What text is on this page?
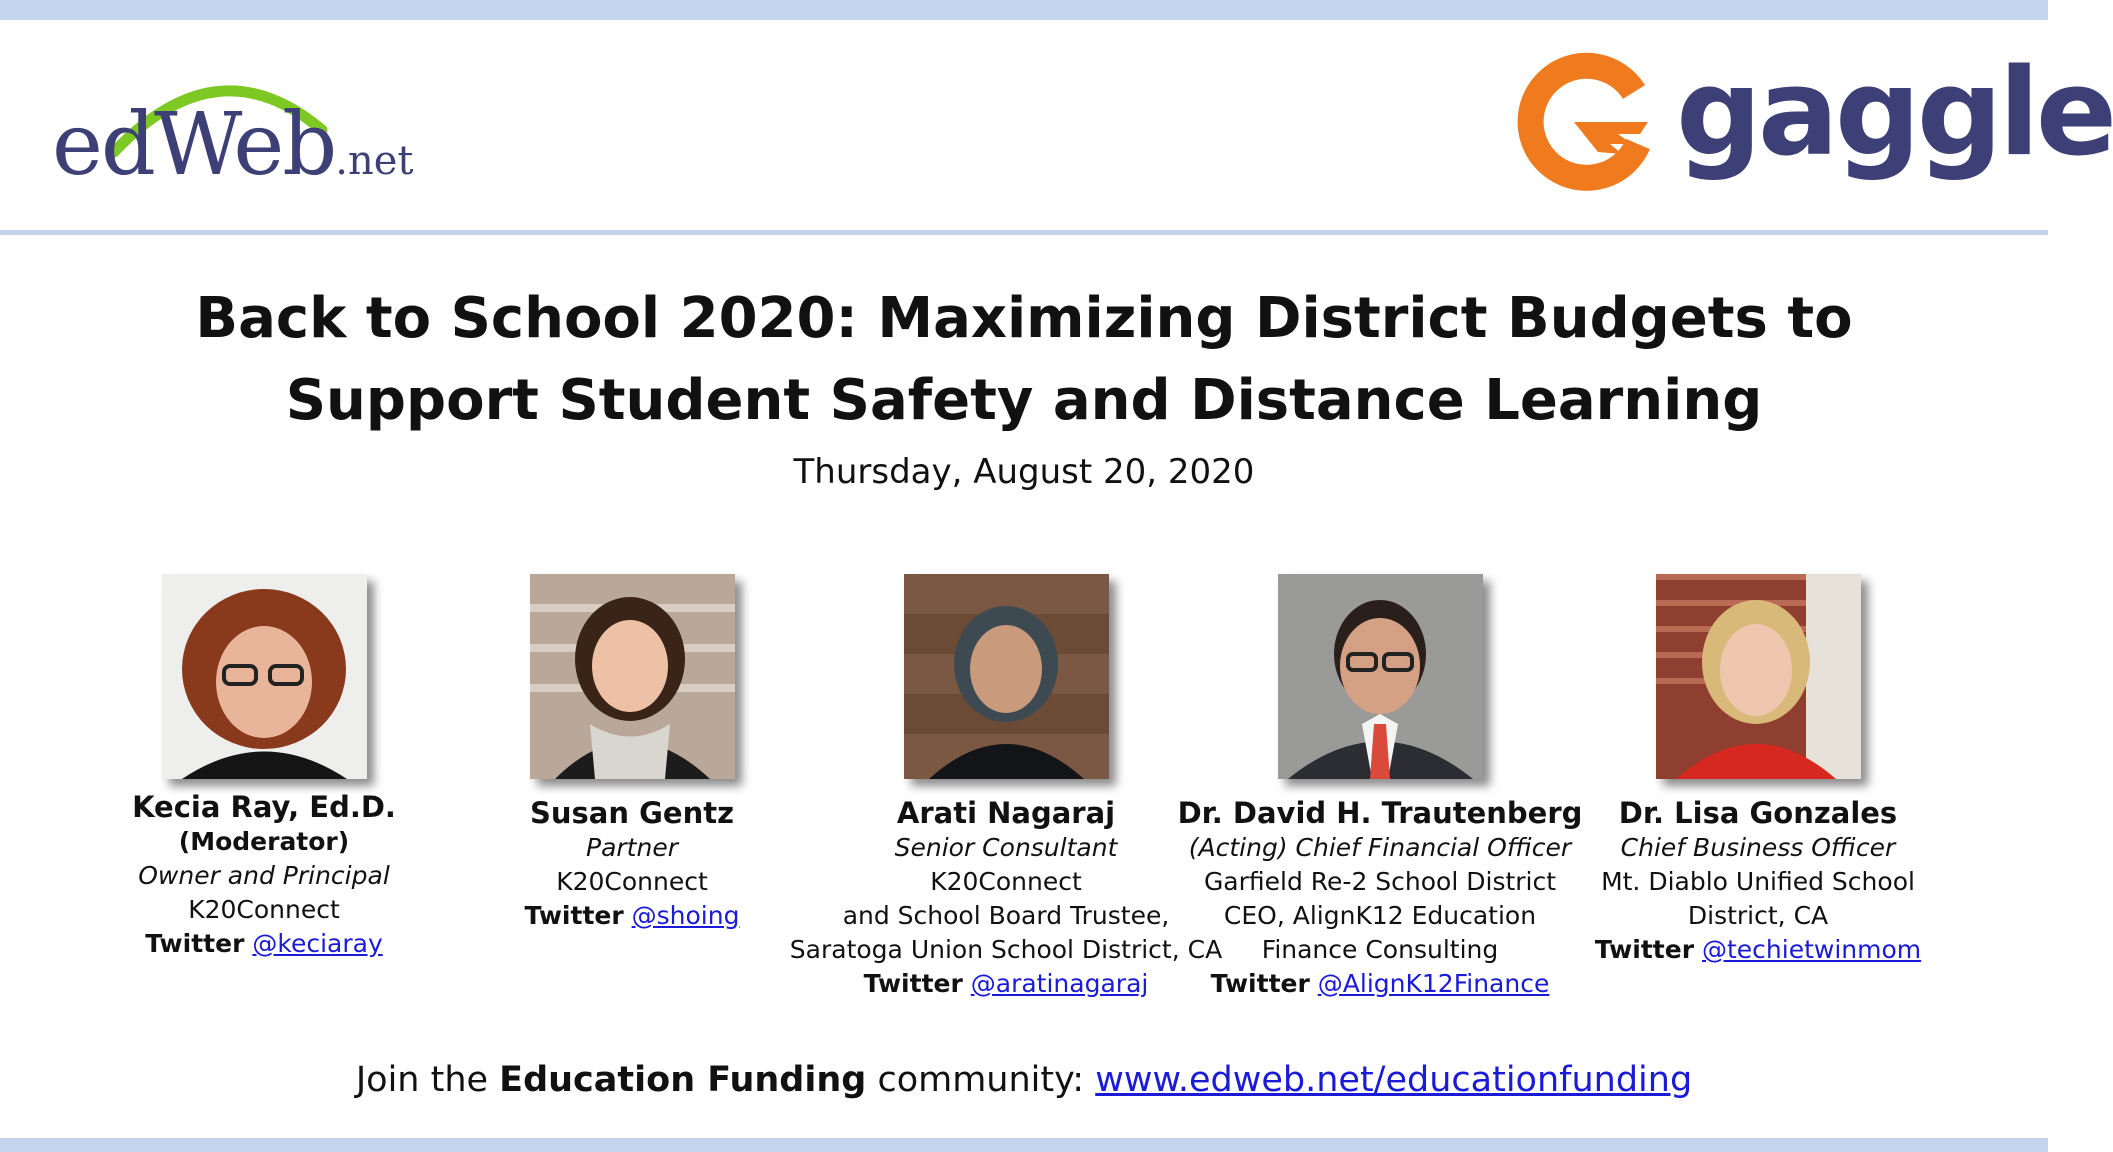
edWeb.net	gaggle
Back to School 2020: Maximizing District Budgets to Support Student Safety and Distance Learning
Thursday, August 20, 2020
Kecia Ray, Ed.D.
(Moderator)
Owner and Principal
K20Connect
Twitter @keciaray
Susan Gentz
Partner
K20Connect
Twitter @shoing
Arati Nagaraj
Senior Consultant
K20Connect
and School Board Trustee,
Saratoga Union School District, CA
Twitter @aratinagaraj
Dr. David H. Trautenberg
(Acting) Chief Financial Officer
Garfield Re-2 School District
CEO, AlignK12 Education
Finance Consulting
Twitter @AlignK12Finance
Dr. Lisa Gonzales
Chief Business Officer
Mt. Diablo Unified School
District, CA
Twitter @techietwinmom
Join the Education Funding community: www.edweb.net/educationfunding
